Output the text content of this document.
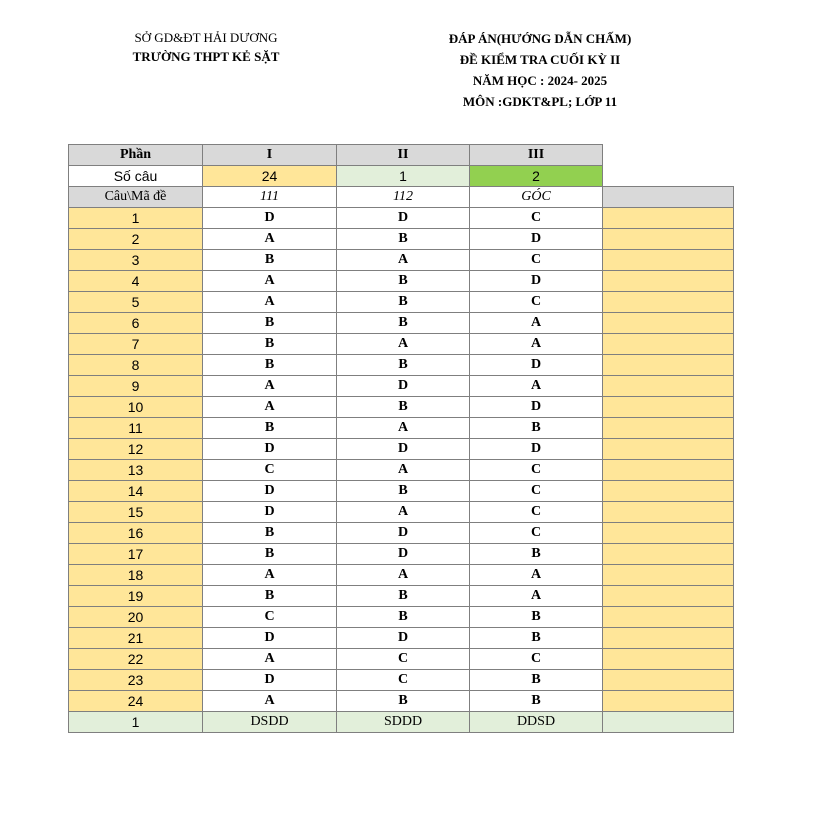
SỞ GD&ĐT HẢI DƯƠNG
TRƯỜNG THPT KẺ SẶT
ĐÁP ÁN(HƯỚNG DẪN CHẤM)
ĐỀ KIỂM TRA CUỐI KỲ II
NĂM HỌC : 2024- 2025
MÔN :GDKT&PL; LỚP 11
Phần	I	II	III	
Số câu	24	1	2	
Câu\Mã đề	111	112	GÓC	
1	D	D	C	
2	A	B	D	
3	B	A	C	
4	A	B	D	
5	A	B	C	
6	B	B	A	
7	B	A	A	
8	B	B	D	
9	A	D	A	
10	A	B	D	
11	B	A	B	
12	D	D	D	
13	C	A	C	
14	D	B	C	
15	D	A	C	
16	B	D	C	
17	B	D	B	
18	A	A	A	
19	B	B	A	
20	C	B	B	
21	D	D	B	
22	A	C	C	
23	D	C	B	
24	A	B	B	
1	DSDD	SDDD	DDSD	
